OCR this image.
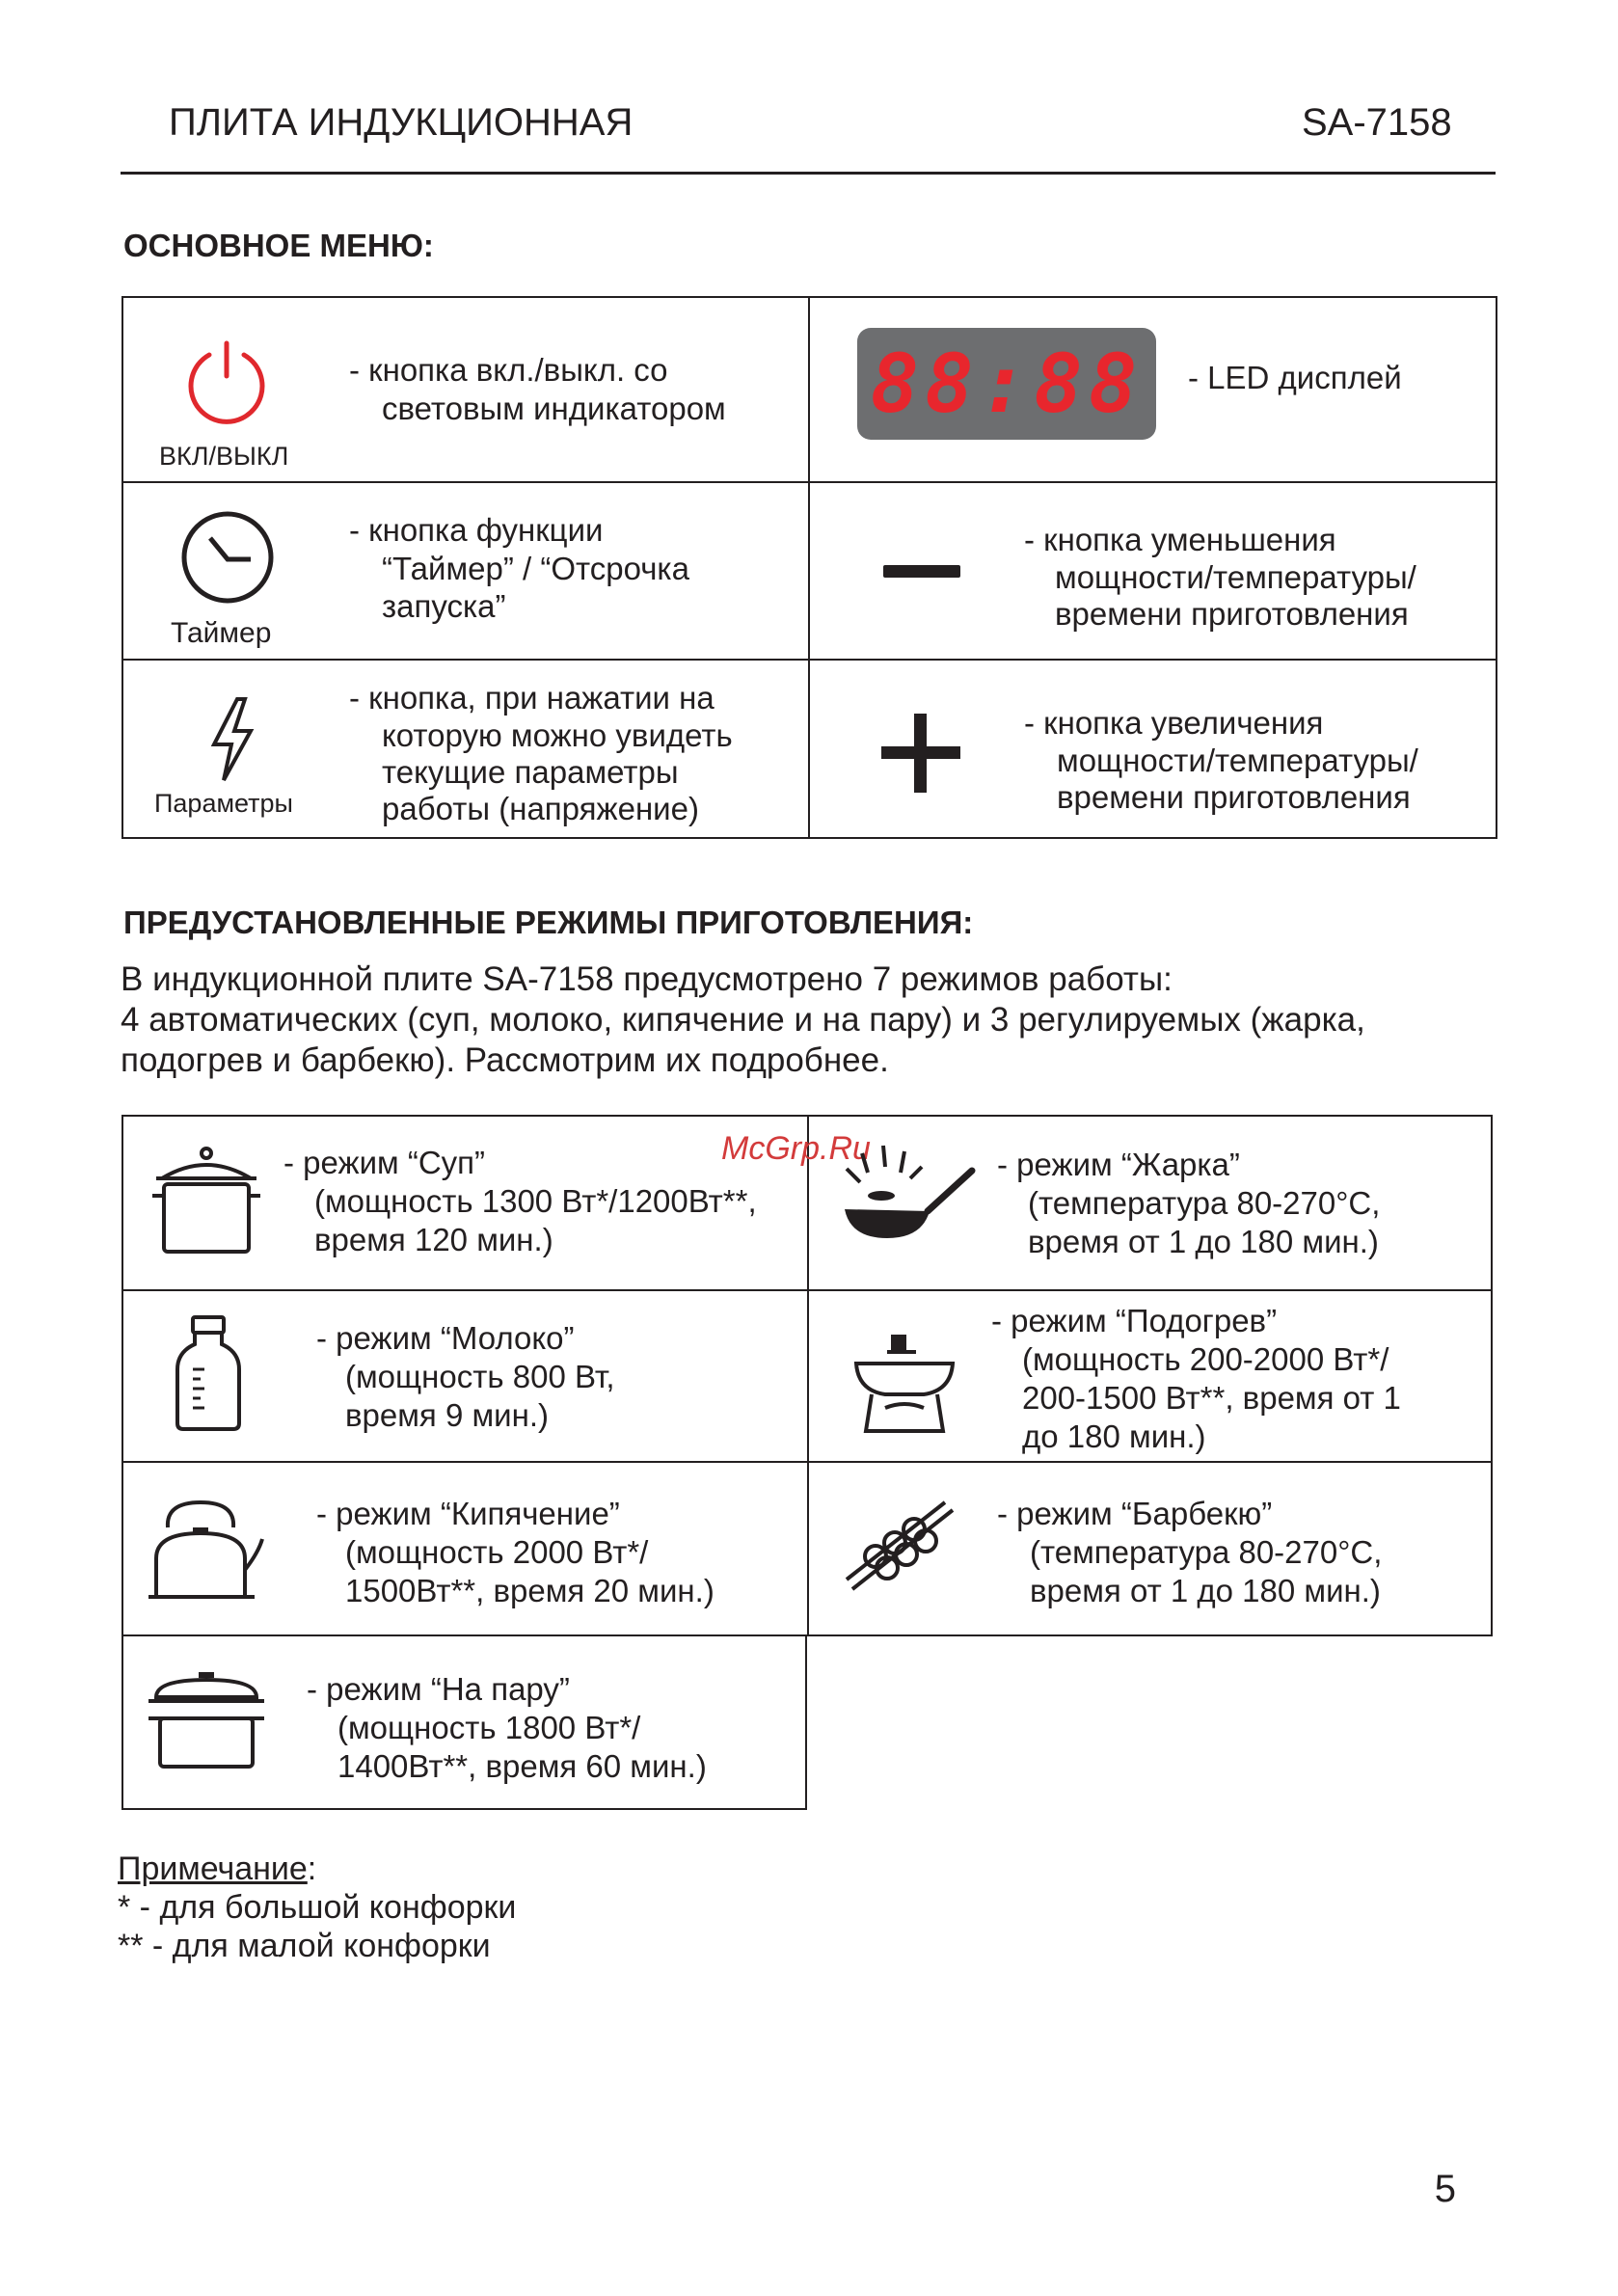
ПЛИТА ИНДУКЦИОННАЯ	SA-7158
ОСНОВНОЕ МЕНЮ:
ВКЛ/ВЫКЛ
- кнопка вкл./выкл. со
световым индикатором 88:88	- LED дисплей
Таймер
- кнопка функции
“Таймер” / “Отсрочка
запуска”
- кнопка уменьшения
мощности/температуры/
времени приготовления
Параметры
- кнопка, при нажатии на
которую можно увидеть
текущие параметры
работы (напряжение)
- кнопка увеличения
мощности/температуры/
времени приготовления
ПРЕДУСТАНОВЛЕННЫЕ РЕЖИМЫ ПРИГОТОВЛЕНИЯ:
В индукционной плите SA-7158 предусмотрено 7 режимов работы:
4 автоматических (суп, молоко, кипячение и на пару) и 3 регулируемых (жарка,
подогрев и барбекю). Рассмотрим их подробнее.
McGrp.Ru
- режим “Суп”
(мощность 1300 Вт*/1200Вт**,
время 120 мин.)
- режим “Жарка”
(температура 80-270°С,
время от 1 до 180 мин.)
- режим “Молоко”
(мощность 800 Вт,
время 9 мин.)
- режим “Подогрев”
(мощность 200-2000 Вт*/
200-1500 Вт**, время от 1
до 180 мин.)
- режим “Кипячение”
(мощность 2000 Вт*/
1500Вт**, время 20 мин.)
- режим “Барбекю”
(температура 80-270°С,
время от 1 до 180 мин.)
- режим “На пару”
(мощность 1800 Вт*/
1400Вт**, время 60 мин.)
Примечание:
* - для большой конфорки
** - для малой конфорки
5
